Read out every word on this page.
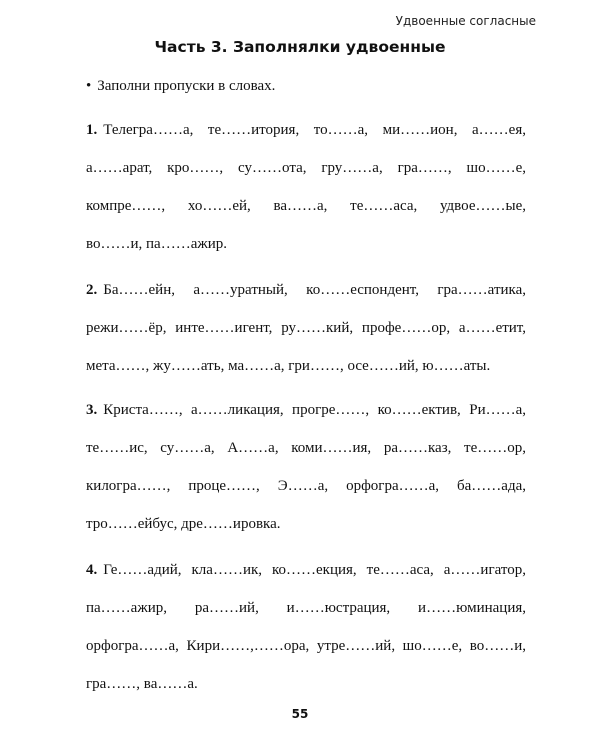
Удвоенные согласные
Часть 3. Заполнялки удвоенные
• Заполни пропуски в словах.
1. Телегра……а, те……итория, то……а, ми……ион, а……ея,
а……арат, кро……, су……ота, гру……а, гра……, шо……е,
компре……, хо……ей, ва……а, те……аса, удвое……ые,
во……и, па……ажир.
2. Ба……ейн, а……уратный, ко……еспондент, гра……атика,
режи……ёр, инте……игент, ру……кий, профе……ор, а……етит,
мета……, жу……ать, ма……а, гри……, осе……ий, ю……аты.
3. Криста……, а……ликация, прогре……, ко……ектив, Ри……а,
те……ис, су……а, А……а, коми……ия, ра……каз, те……ор,
килогра……, проце……, Э……а, орфогра……а, ба……ада,
тро……ейбус, дре……ировка.
4. Ге……адий, кла……ик, ко……екция, те……аса, а……игатор,
па……ажир, ра……ий, и……юстрация, и……юминация,
орфогра……а, Кири……,……ора, утре……ий, шо……е, во……и,
гра……, ва……а.
55
